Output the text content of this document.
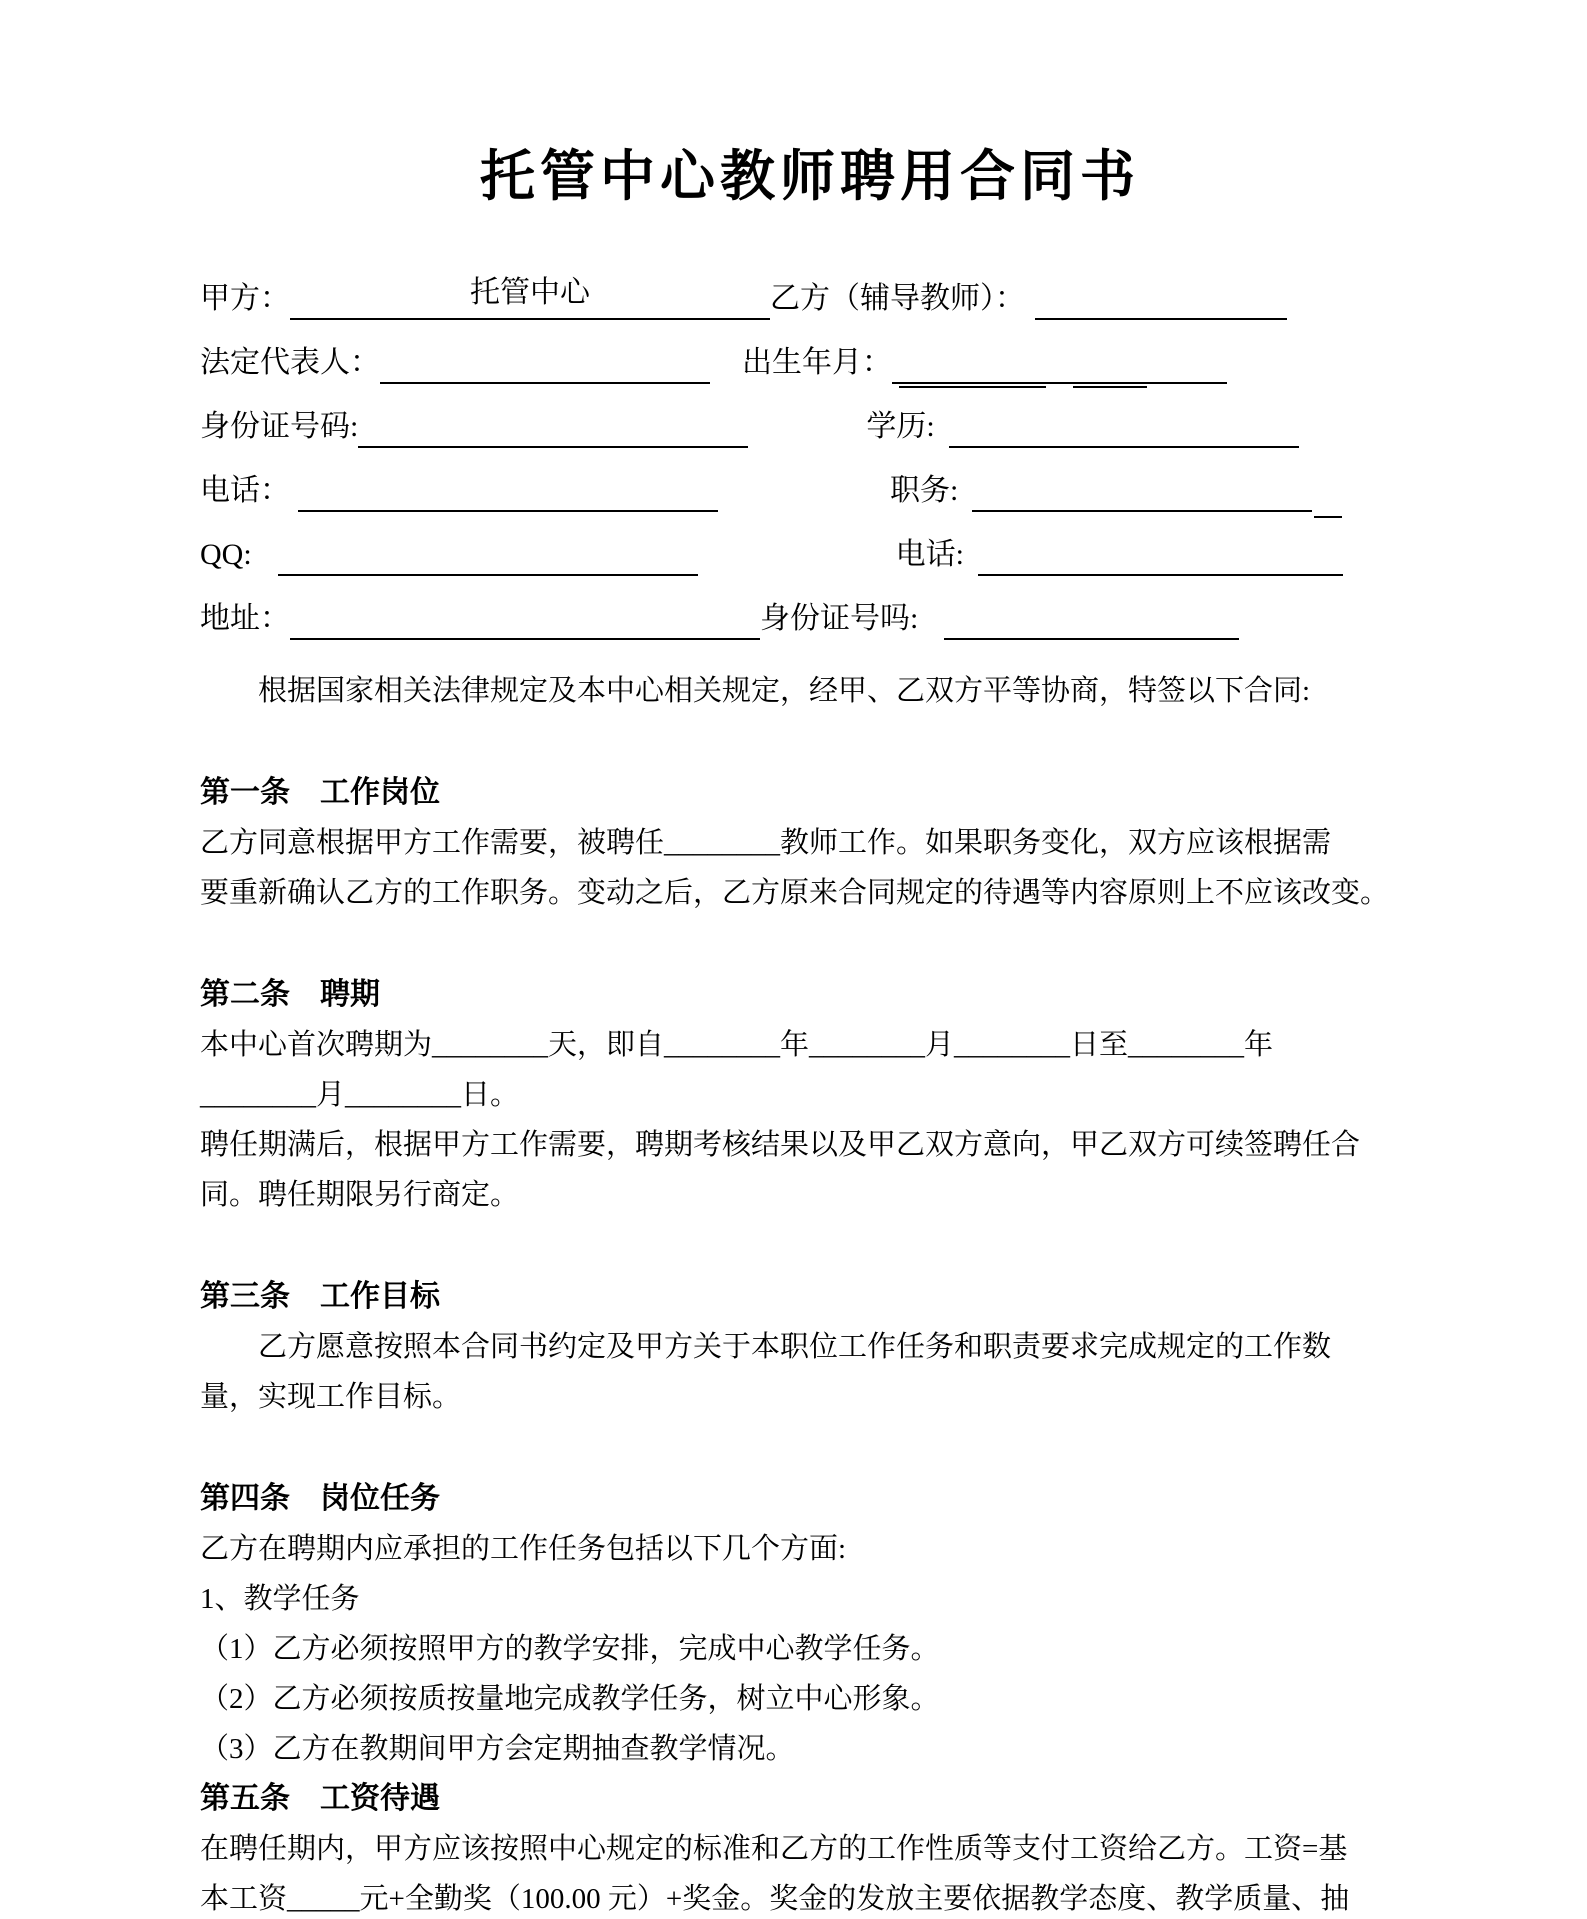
托管中心教师聘用合同书
甲方：	托管中心	乙方（辅导教师）：
法定代表人：	出生年月：
身份证号码:	学历:
电话：	职务:
QQ:	电话:
地址：	身份证号吗:
根据国家相关法律规定及本中心相关规定，经甲、乙双方平等协商，特签以下合同:
第一条　工作岗位
乙方同意根据甲方工作需要，被聘任________教师工作。如果职务变化，双方应该根据需
要重新确认乙方的工作职务。变动之后，乙方原来合同规定的待遇等内容原则上不应该改变。
第二条　聘期
本中心首次聘期为________天，即自________年________月________日至________年
________月________日。
聘任期满后，根据甲方工作需要，聘期考核结果以及甲乙双方意向，甲乙双方可续签聘任合
同。聘任期限另行商定。
第三条　工作目标
乙方愿意按照本合同书约定及甲方关于本职位工作任务和职责要求完成规定的工作数
量，实现工作目标。
第四条　岗位任务
乙方在聘期内应承担的工作任务包括以下几个方面:
1、教学任务
（1）乙方必须按照甲方的教学安排，完成中心教学任务。
（2）乙方必须按质按量地完成教学任务，树立中心形象。
（3）乙方在教期间甲方会定期抽查教学情况。
第五条　工资待遇
在聘任期内，甲方应该按照中心规定的标准和乙方的工作性质等支付工资给乙方。工资=基
本工资_____元+全勤奖（100.00 元）+奖金。奖金的发放主要依据教学态度、教学质量、抽
